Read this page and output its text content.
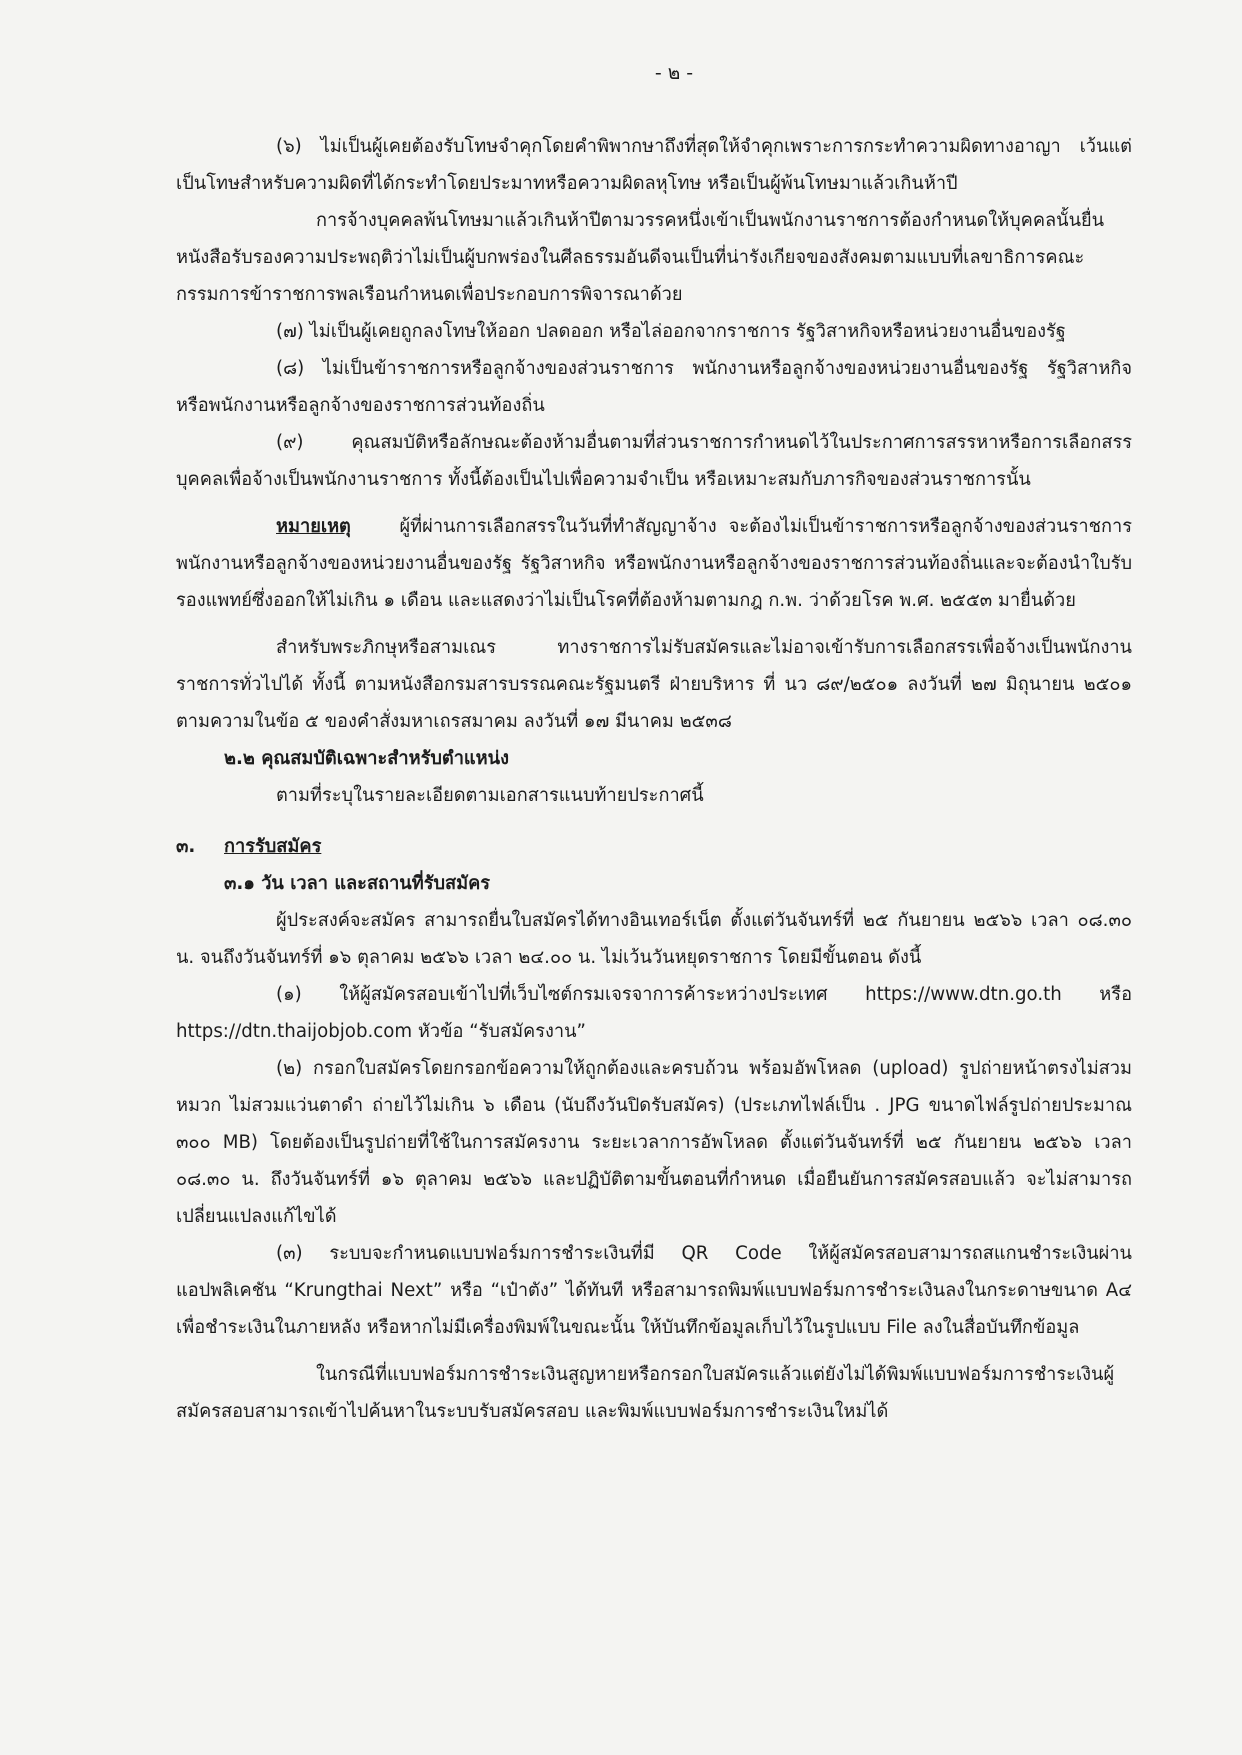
- ๒ -

(๖) ไม่เป็นผู้เคยต้องรับโทษจำคุกโดยคำพิพากษาถึงที่สุดให้จำคุกเพราะการกระทำความผิดทางอาญา เว้นแต่เป็นโทษสำหรับความผิดที่ได้กระทำโดยประมาทหรือความผิดลหุโทษ หรือเป็นผู้พ้นโทษมาแล้วเกินห้าปี

การจ้างบุคคลพ้นโทษมาแล้วเกินห้าปีตามวรรคหนึ่งเข้าเป็นพนักงานราชการต้องกำหนดให้บุคคลนั้นยื่นหนังสือรับรองความประพฤติว่าไม่เป็นผู้บกพร่องในศีลธรรมอันดีจนเป็นที่น่ารังเกียจของสังคมตามแบบที่เลขาธิการคณะกรรมการข้าราชการพลเรือนกำหนดเพื่อประกอบการพิจารณาด้วย

(๗) ไม่เป็นผู้เคยถูกลงโทษให้ออก ปลดออก หรือไล่ออกจากราชการ รัฐวิสาหกิจหรือหน่วยงานอื่นของรัฐ

(๘) ไม่เป็นข้าราชการหรือลูกจ้างของส่วนราชการ พนักงานหรือลูกจ้างของหน่วยงานอื่นของรัฐ รัฐวิสาหกิจ หรือพนักงานหรือลูกจ้างของราชการส่วนท้องถิ่น

(๙) คุณสมบัติหรือลักษณะต้องห้ามอื่นตามที่ส่วนราชการกำหนดไว้ในประกาศการสรรหาหรือการเลือกสรรบุคคลเพื่อจ้างเป็นพนักงานราชการ ทั้งนี้ต้องเป็นไปเพื่อความจำเป็น หรือเหมาะสมกับภารกิจของส่วนราชการนั้น

หมายเหตุ	ผู้ที่ผ่านการเลือกสรรในวันที่ทำสัญญาจ้าง จะต้องไม่เป็นข้าราชการหรือลูกจ้างของส่วนราชการพนักงานหรือลูกจ้างของหน่วยงานอื่นของรัฐ รัฐวิสาหกิจ หรือพนักงานหรือลูกจ้างของราชการส่วนท้องถิ่นและจะต้องนำใบรับรองแพทย์ซึ่งออกให้ไม่เกิน ๑ เดือน และแสดงว่าไม่เป็นโรคที่ต้องห้ามตามกฎ ก.พ. ว่าด้วยโรค พ.ศ. ๒๕๕๓ มายื่นด้วย

สำหรับพระภิกษุหรือสามเณร ทางราชการไม่รับสมัครและไม่อาจเข้ารับการเลือกสรรเพื่อจ้างเป็นพนักงานราชการทั่วไปได้ ทั้งนี้ ตามหนังสือกรมสารบรรณคณะรัฐมนตรี ฝ่ายบริหาร ที่ นว ๘๙/๒๕๐๑ ลงวันที่ ๒๗ มิถุนายน ๒๕๐๑ ตามความในข้อ ๕ ของคำสั่งมหาเถรสมาคม ลงวันที่ ๑๗ มีนาคม ๒๕๓๘

๒.๒ คุณสมบัติเฉพาะสำหรับตำแหน่ง

ตามที่ระบุในรายละเอียดตามเอกสารแนบท้ายประกาศนี้

๓. การรับสมัคร

๓.๑ วัน เวลา และสถานที่รับสมัคร

ผู้ประสงค์จะสมัคร สามารถยื่นใบสมัครได้ทางอินเทอร์เน็ต ตั้งแต่วันจันทร์ที่ ๒๕ กันยายน ๒๕๖๖ เวลา ๐๘.๓๐ น. จนถึงวันจันทร์ที่ ๑๖ ตุลาคม ๒๕๖๖ เวลา ๒๔.๐๐ น. ไม่เว้นวันหยุดราชการ โดยมีขั้นตอน ดังนี้

(๑) ให้ผู้สมัครสอบเข้าไปที่เว็บไซต์กรมเจรจาการค้าระหว่างประเทศ https://www.dtn.go.th หรือ https://dtn.thaijobjob.com หัวข้อ “รับสมัครงาน”

(๒) กรอกใบสมัครโดยกรอกข้อความให้ถูกต้องและครบถ้วน พร้อมอัพโหลด (upload) รูปถ่ายหน้าตรงไม่สวมหมวก ไม่สวมแว่นตาดำ ถ่ายไว้ไม่เกิน ๖ เดือน (นับถึงวันปิดรับสมัคร) (ประเภทไฟล์เป็น . JPG ขนาดไฟล์รูปถ่ายประมาณ ๓๐๐ MB) โดยต้องเป็นรูปถ่ายที่ใช้ในการสมัครงาน ระยะเวลาการอัพโหลด ตั้งแต่วันจันทร์ที่ ๒๕ กันยายน ๒๕๖๖ เวลา ๐๘.๓๐ น. ถึงวันจันทร์ที่ ๑๖ ตุลาคม ๒๕๖๖ และปฏิบัติตามขั้นตอนที่กำหนด เมื่อยืนยันการสมัครสอบแล้ว จะไม่สามารถเปลี่ยนแปลงแก้ไขได้

(๓) ระบบจะกำหนดแบบฟอร์มการชำระเงินที่มี QR Code ให้ผู้สมัครสอบสามารถสแกนชำระเงินผ่านแอปพลิเคชัน “Krungthai Next” หรือ “เป๋าตัง” ได้ทันที หรือสามารถพิมพ์แบบฟอร์มการชำระเงินลงในกระดาษขนาด A๔ เพื่อชำระเงินในภายหลัง หรือหากไม่มีเครื่องพิมพ์ในขณะนั้น ให้บันทึกข้อมูลเก็บไว้ในรูปแบบ File ลงในสื่อบันทึกข้อมูล

ในกรณีที่แบบฟอร์มการชำระเงินสูญหายหรือกรอกใบสมัครแล้วแต่ยังไม่ได้พิมพ์แบบฟอร์มการชำระเงินผู้สมัครสอบสามารถเข้าไปค้นหาในระบบรับสมัครสอบ และพิมพ์แบบฟอร์มการชำระเงินใหม่ได้
